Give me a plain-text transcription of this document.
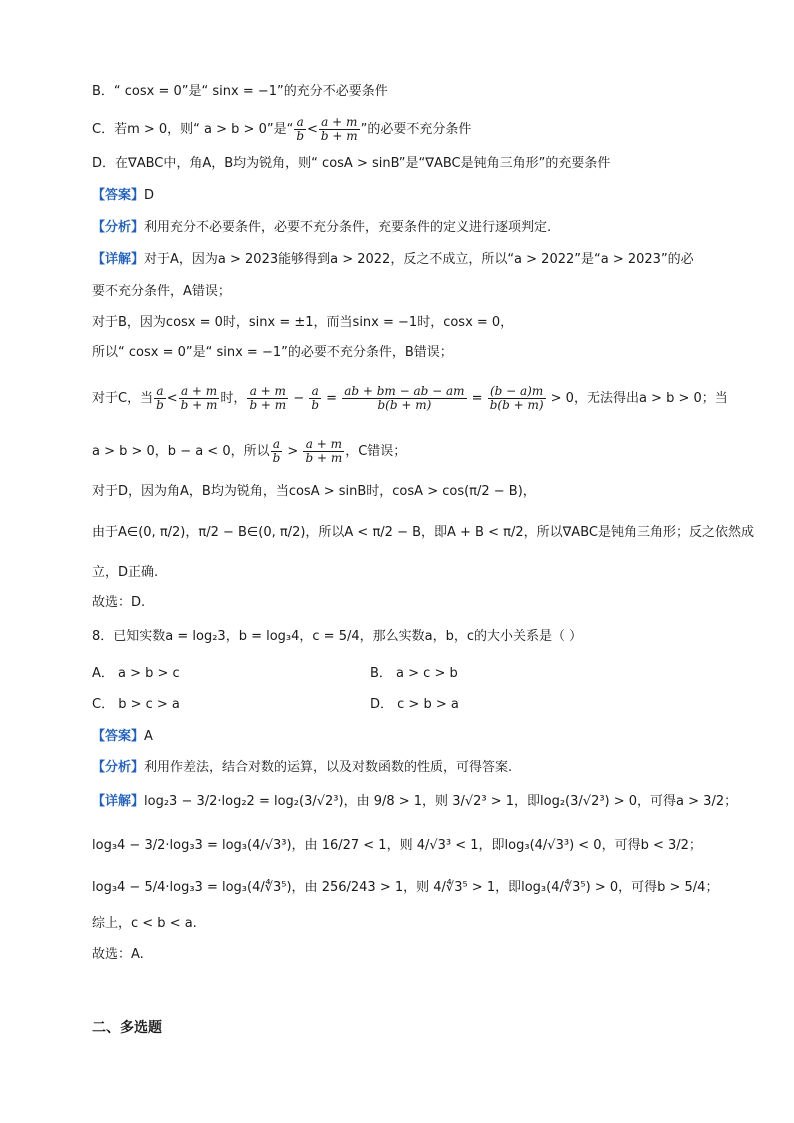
B．“ cosx = 0”是“ sinx = −1”的充分不必要条件
C．若m > 0，则“ a > b > 0”是“ $\frac{a}{b} < \frac{a + m}{b + m}$ ”的必要不充分条件
D．在∇ABC中，角A，B均为锐角，则“ cosA > sinB”是“∇ABC是钝角三角形”的充要条件
【答案】D
【分析】利用充分不必要条件，必要不充分条件，充要条件的定义进行逐项判定.
【详解】对于A，因为a > 2023能够得到a > 2022，反之不成立，所以“a > 2022”是“a > 2023”的必
要不充分条件，A错误；
对于B，因为cosx = 0时，sinx = ±1，而当sinx = −1时，cosx = 0，
所以“ cosx = 0”是“ sinx = −1”的必要不充分条件，B错误；
对于C，当 $\frac{a}{b} < \frac{a + m}{b + m}$ 时， $\frac{a + m}{b + m} - \frac{a}{b} = \frac{ab + bm - ab - am}{b(b + m)} = \frac{(b - a)m}{b(b + m)} > 0$，无法得出a > b > 0；当
a > b > 0，b − a < 0，所以 $\frac{a}{b} > \frac{a + m}{b + m}$ ，C错误；
对于D，因为角A，B均为锐角，当cosA > sinB时，cosA > cos(π/2 − B)，
由于A∈(0, π/2)，π/2 − B∈(0, π/2)，所以A < π/2 − B，即A + B < π/2，所以∇ABC是钝角三角形；反之依然成
立，D正确.
故选：D.
8．已知实数a = log₂3，b = log₃4，c = 5/4，那么实数a，b，c的大小关系是（ ）
A． a > b > c	B． a > c > b
C． b > c > a	D． c > b > a
【答案】A
【分析】利用作差法，结合对数的运算，以及对数函数的性质，可得答案.
【详解】log₂3 − 3/2·log₂2 = log₂(3/√2³)，由 9/8 > 1，则 3/√2³ > 1，即log₂(3/√2³) > 0，可得a > 3/2；
log₃4 − 3/2·log₃3 = log₃(4/√3³)，由 16/27 < 1，则 4/√3³ < 1，即log₃(4/√3³) < 0，可得b < 3/2；
log₃4 − 5/4·log₃3 = log₃(4/∜3⁵)，由 256/243 > 1，则 4/∜3⁵ > 1，即log₃(4/∜3⁵) > 0，可得b > 5/4；
综上，c < b < a.
故选：A.
二、多选题
